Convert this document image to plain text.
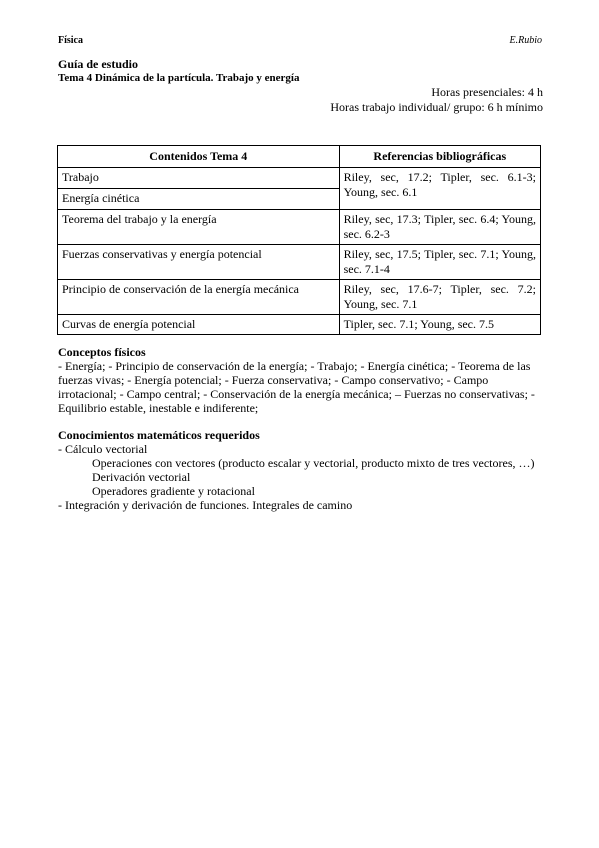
Física	E.Rubio
Guía de estudio
Tema 4 Dinámica de la partícula. Trabajo y energía
Horas presenciales: 4 h
Horas trabajo individual/ grupo: 6 h mínimo
Contenidos Tema 4	Referencias bibliográficas
Trabajo	Riley, sec, 17.2; Tipler, sec. 6.1-3; Young, sec. 6.1
Energía cinética	
Teorema del trabajo y la energía	Riley, sec, 17.3; Tipler, sec. 6.4; Young, sec. 6.2-3
Fuerzas conservativas y energía potencial	Riley, sec, 17.5; Tipler, sec. 7.1; Young, sec. 7.1-4
Principio de conservación de la energía mecánica	Riley, sec, 17.6-7; Tipler, sec. 7.2; Young, sec. 7.1
Curvas de energía potencial	Tipler, sec. 7.1; Young, sec. 7.5
Conceptos físicos
- Energía; - Principio de conservación de la energía; - Trabajo; - Energía cinética; - Teorema de las fuerzas vivas; - Energía potencial; - Fuerza conservativa; - Campo conservativo; - Campo irrotacional; - Campo central; - Conservación de la energía mecánica; – Fuerzas no conservativas; - Equilibrio estable, inestable e indiferente;
Conocimientos matemáticos requeridos
- Cálculo vectorial
Operaciones con vectores (producto escalar y vectorial, producto mixto de tres vectores, …)
Derivación vectorial
Operadores gradiente y rotacional
- Integración y derivación de funciones. Integrales de camino
